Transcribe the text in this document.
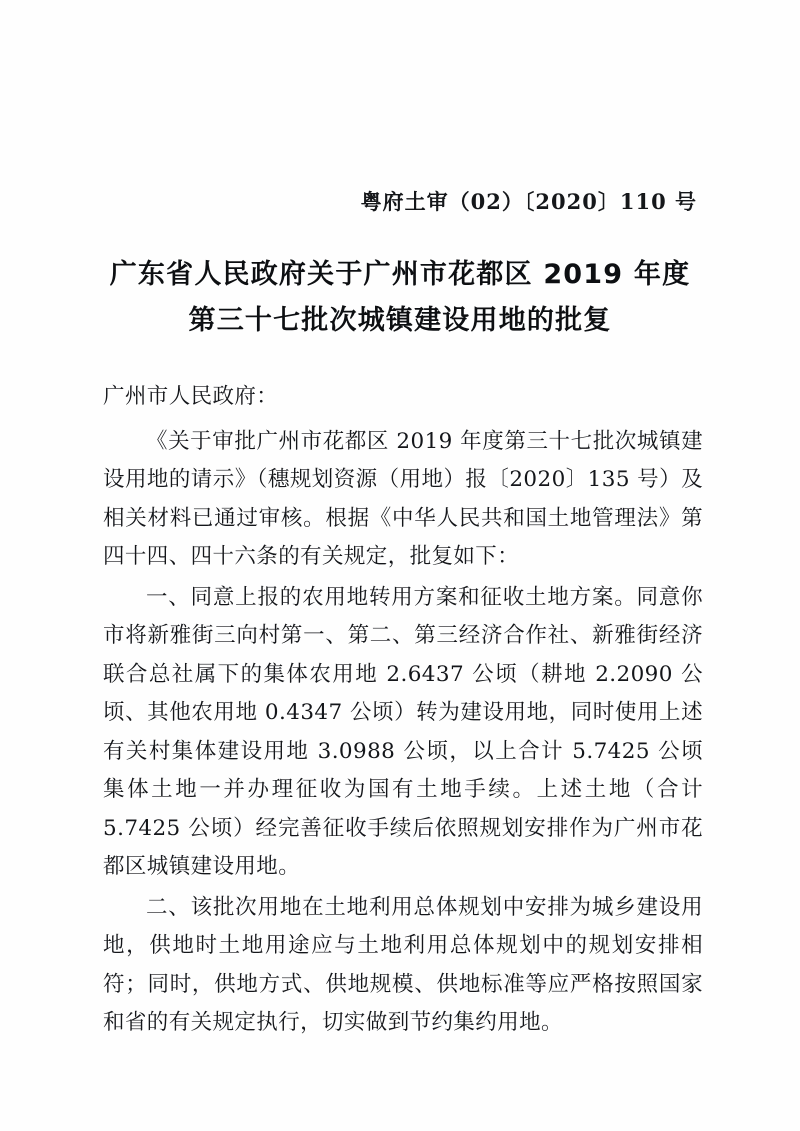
粤府土审（02）〔2020〕110 号
广东省人民政府关于广州市花都区 2019 年度
第三十七批次城镇建设用地的批复

广州市人民政府：

《关于审批广州市花都区 2019 年度第三十七批次城镇建设用地的请示》（穗规划资源（用地）报〔2020〕135 号）及相关材料已通过审核。根据《中华人民共和国土地管理法》第四十四、四十六条的有关规定，批复如下：

一、同意上报的农用地转用方案和征收土地方案。同意你市将新雅街三向村第一、第二、第三经济合作社、新雅街经济联合总社属下的集体农用地 2.6437 公顷（耕地 2.2090 公顷、其他农用地 0.4347 公顷）转为建设用地，同时使用上述有关村集体建设用地 3.0988 公顷，以上合计 5.7425 公顷集体土地一并办理征收为国有土地手续。上述土地（合计 5.7425 公顷）经完善征收手续后依照规划安排作为广州市花都区城镇建设用地。

二、该批次用地在土地利用总体规划中安排为城乡建设用地，供地时土地用途应与土地利用总体规划中的规划安排相符；同时，供地方式、供地规模、供地标准等应严格按照国家和省的有关规定执行，切实做到节约集约用地。
